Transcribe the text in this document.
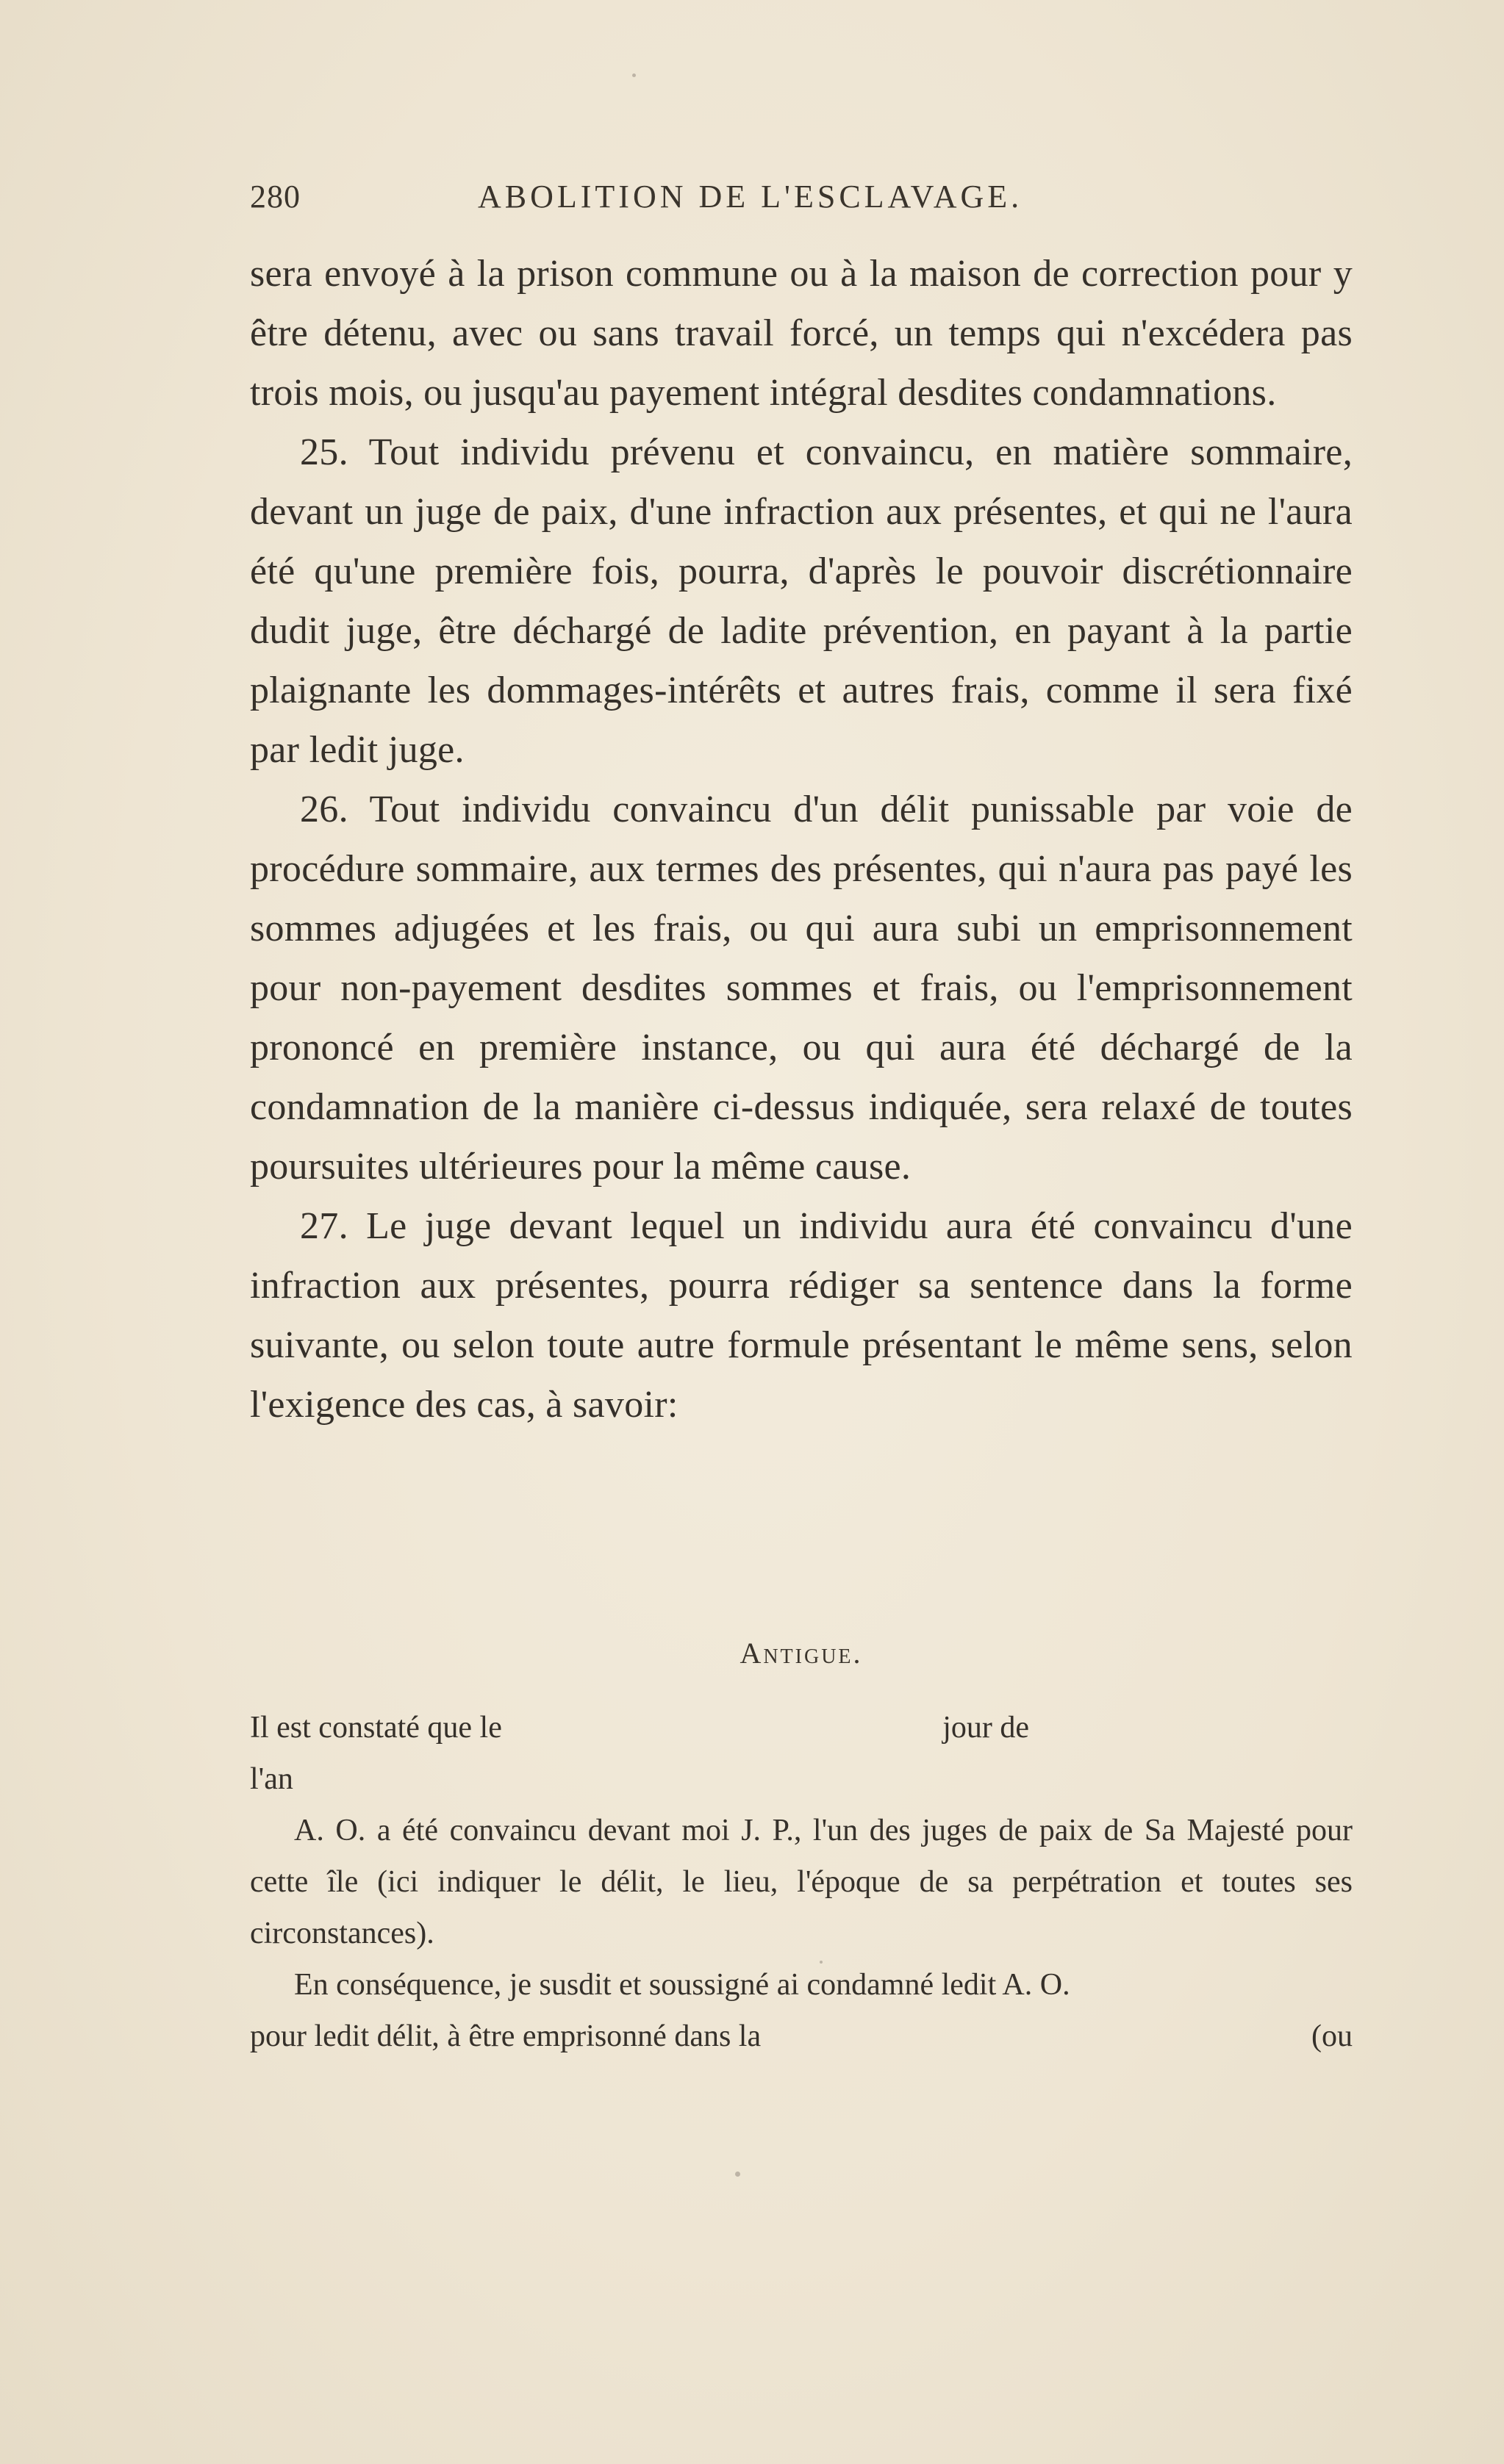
280	ABOLITION DE L'ESCLAVAGE.

sera envoyé à la prison commune ou à la maison de correction pour y être détenu, avec ou sans travail forcé, un temps qui n'excédera pas trois mois, ou jusqu'au payement intégral desdites condamnations.

25. Tout individu prévenu et convaincu, en matière sommaire, devant un juge de paix, d'une infraction aux présentes, et qui ne l'aura été qu'une première fois, pourra, d'après le pouvoir discrétionnaire dudit juge, être déchargé de ladite prévention, en payant à la partie plaignante les dommages-intérêts et autres frais, comme il sera fixé par ledit juge.

26. Tout individu convaincu d'un délit punissable par voie de procédure sommaire, aux termes des présentes, qui n'aura pas payé les sommes adjugées et les frais, ou qui aura subi un emprisonnement pour non-payement desdites sommes et frais, ou l'emprisonnement prononcé en première instance, ou qui aura été déchargé de la condamnation de la manière ci-dessus indiquée, sera relaxé de toutes poursuites ultérieures pour la même cause.

27. Le juge devant lequel un individu aura été convaincu d'une infraction aux présentes, pourra rédiger sa sentence dans la forme suivante, ou selon toute autre formule présentant le même sens, selon l'exigence des cas, à savoir:

Antigue.
Il est constaté que le	jour de

l'an

A. O. a été convaincu devant moi J. P., l'un des juges de paix de Sa Majesté pour cette île (ici indiquer le délit, le lieu, l'époque de sa perpétration et toutes ses circonstances).

En conséquence, je susdit et soussigné ai condamné ledit A. O.

pour ledit délit, à être emprisonné dans la	(ou
